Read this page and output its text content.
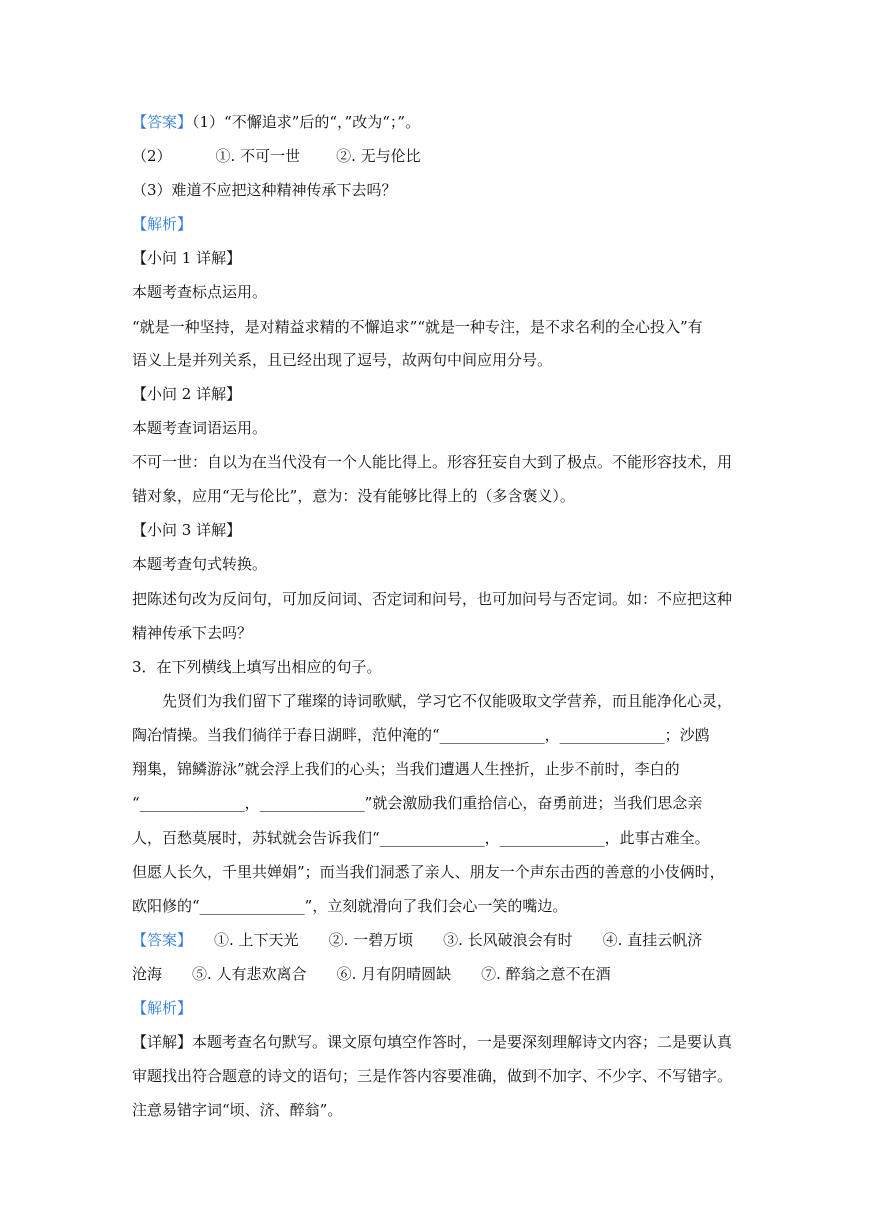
【答案】（1）“不懈追求”后的“，”改为“；”。
（2）	①. 不可一世 ②. 无与伦比
（3）难道不应把这种精神传承下去吗？
【解析】
【小问 1 详解】
本题考查标点运用。
“就是一种坚持，是对精益求精的不懈追求”“就是一种专注，是不求名利的全心投入”有
语义上是并列关系，且已经出现了逗号，故两句中间应用分号。
【小问 2 详解】
本题考查词语运用。
不可一世：自以为在当代没有一个人能比得上。形容狂妄自大到了极点。不能形容技术，用
错对象，应用“无与伦比”，意为：没有能够比得上的（多含褒义）。
【小问 3 详解】
本题考查句式转换。
把陈述句改为反问句，可加反问词、否定词和问号，也可加问号与否定词。如：不应把这种
精神传承下去吗？
3．在下列横线上填写出相应的句子。
先贤们为我们留下了璀璨的诗词歌赋，学习它不仅能吸取文学营养，而且能净化心灵，
陶冶情操。当我们徜徉于春日湖畔，范仲淹的“______________，______________；沙鸥
翔集，锦鳞游泳”就会浮上我们的心头；当我们遭遇人生挫折，止步不前时，李白的
“______________，______________”就会激励我们重拾信心，奋勇前进；当我们思念亲
人，百愁莫展时，苏轼就会告诉我们“______________，______________，此事古难全。
但愿人长久，千里共婵娟”；而当我们洞悉了亲人、朋友一个声东击西的善意的小伎俩时，
欧阳修的“______________”，立刻就滑向了我们会心一笑的嘴边。
【答案】 ①. 上下天光 ②. 一碧万顷 ③. 长风破浪会有时 ④. 直挂云帆济
沧海 ⑤. 人有悲欢离合 ⑥. 月有阴晴圆缺 ⑦. 醉翁之意不在酒
【解析】
【详解】本题考查名句默写。课文原句填空作答时，一是要深刻理解诗文内容；二是要认真
审题找出符合题意的诗文的语句；三是作答内容要准确，做到不加字、不少字、不写错字。
注意易错字词“顷、济、醉翁”。
